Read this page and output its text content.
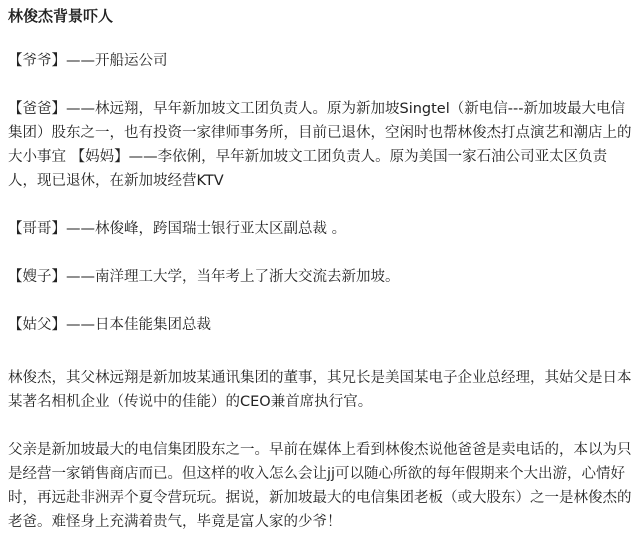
林俊杰背景吓人

【爷爷】——开船运公司

【爸爸】——林远翔，早年新加坡文工团负责人。原为新加坡Singtel（新电信---新加坡最大电信集团）股东之一，也有投资一家律师事务所，目前已退休，空闲时也帮林俊杰打点演艺和潮店上的大小事宜 【妈妈】——李依俐，早年新加坡文工团负责人。原为美国一家石油公司亚太区负责人，现已退休，在新加坡经营KTV

【哥哥】——林俊峰，跨国瑞士银行亚太区副总裁 。

【嫂子】——南洋理工大学，当年考上了浙大交流去新加坡。

【姑父】——日本佳能集团总裁

林俊杰，其父林远翔是新加坡某通讯集团的董事，其兄长是美国某电子企业总经理，其姑父是日本某著名相机企业（传说中的佳能）的CEO兼首席执行官。

父亲是新加坡最大的电信集团股东之一。早前在媒体上看到林俊杰说他爸爸是卖电话的，本以为只是经营一家销售商店而已。但这样的收入怎么会让jj可以随心所欲的每年假期来个大出游，心情好时，再远赴非洲弄个夏令营玩玩。据说，新加坡最大的电信集团老板（或大股东）之一是林俊杰的老爸。难怪身上充满着贵气，毕竟是富人家的少爷！
